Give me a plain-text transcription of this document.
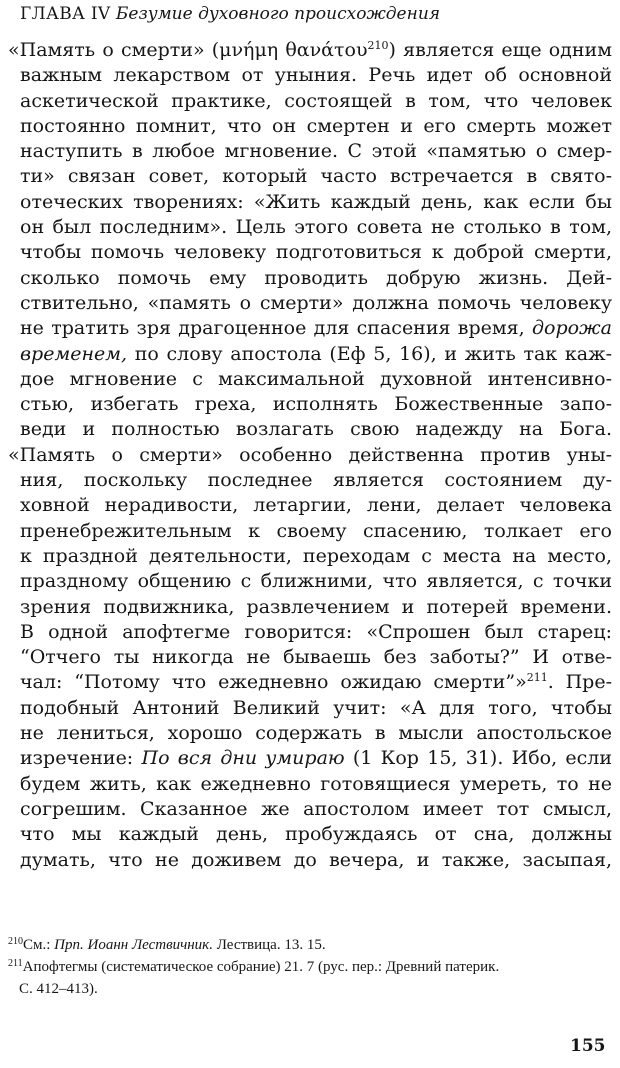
ГЛАВА IV Безумие духовного происхождения
«Память о смерти» (μνήμη θανάτου$^{210}$) является еще одним
важным лекарством от уныния. Речь идет об основной
аскетической практике, состоящей в том, что человек
постоянно помнит, что он смертен и его смерть может
наступить в любое мгновение. С этой «памятью о смер-
ти» связан совет, который часто встречается в свято-
отеческих творениях: «Жить каждый день, как если бы
он был последним». Цель этого совета не столько в том,
чтобы помочь человеку подготовиться к доброй смерти,
сколько помочь ему проводить добрую жизнь. Дей-
ствительно, «память о смерти» должна помочь человеку
не тратить зря драгоценное для спасения время, дорожа
временем, по слову апостола (Еф 5, 16), и жить так каж-
дое мгновение с максимальной духовной интенсивно-
стью, избегать греха, исполнять Божественные запо-
веди и полностью возлагать свою надежду на Бога.
«Память о смерти» особенно действенна против уны-
ния, поскольку последнее является состоянием ду-
ховной нерадивости, летаргии, лени, делает человека
пренебрежительным к своему спасению, толкает его
к праздной деятельности, переходам с места на место,
праздному общению с ближними, что является, с точки
зрения подвижника, развлечением и потерей времени.
В одной апофтегме говорится: «Спрошен был старец:
“Отчего ты никогда не бываешь без заботы?” И отве-
чал: “Потому что ежедневно ожидаю смерти”»$^{211}$. Пре-
подобный Антоний Великий учит: «А для того, чтобы
не лениться, хорошо содержать в мысли апостольское
изречение: По вся дни умираю (1 Кор 15, 31). Ибо, если
будем жить, как ежедневно готовящиеся умереть, то не
согрешим. Сказанное же апостолом имеет тот смысл,
что мы каждый день, пробуждаясь от сна, должны
думать, что не доживем до вечера, и также, засыпая,
$^{210}$См.: Прп. Иоанн Лествичник. Лествица. 13. 15.
$^{211}$Апофтегмы (систематическое собрание) 21. 7 (рус. пер.: Древний патерик.
С. 412–413).
155
